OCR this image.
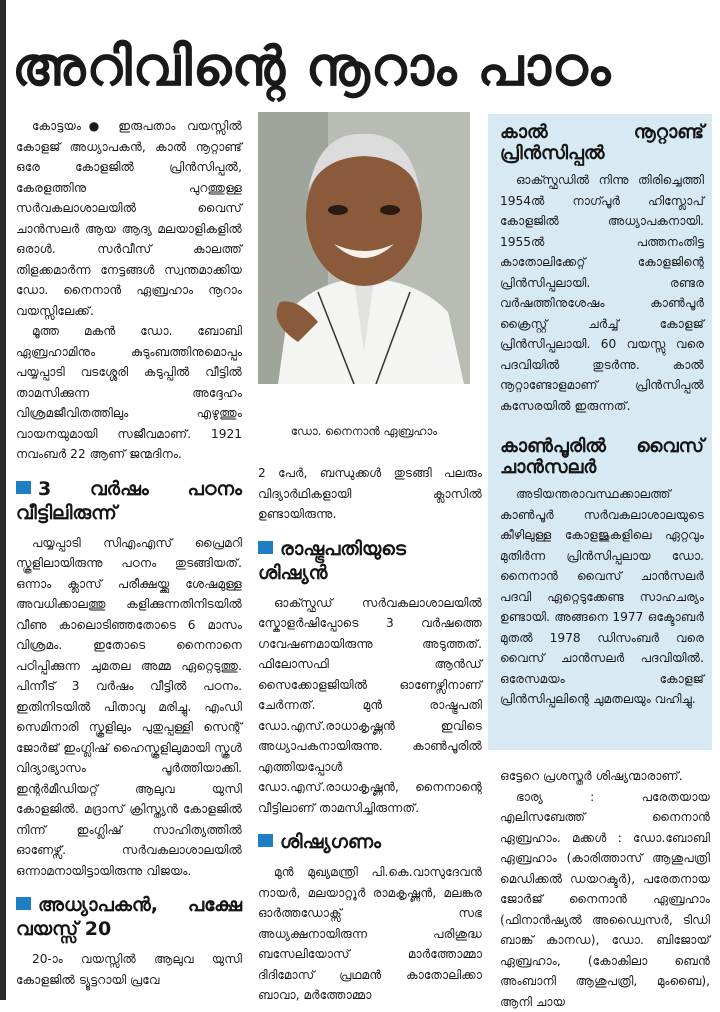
അറിവിന്റെ നൂറാം പാഠം

കോട്ടയം● ഇരുപതാം വയസ്സിൽ കോളജ് അധ്യാപകൻ, കാൽ നൂറ്റാണ്ട് ഒരേ കോളജിൽ പ്രിൻസിപ്പൽ, കേരളത്തിനു പുറത്തുള്ള സർവകലാശാലയിൽ വൈസ് ചാൻസലർ ആയ ആദ്യ മലയാളികളിൽ ഒരാൾ. സർവീസ് കാലത്ത് തിളക്കമാർന്ന നേട്ടങ്ങൾ സ്വന്തമാക്കിയ ഡോ. നൈനാൻ ഏബ്രഹാം നൂറാം വയസ്സിലേക്ക്.

മൂത്ത മകൻ ഡോ. ബോബി ഏബ്രഹാമിനും കുടുംബത്തിനുമൊപ്പം പയ്യപ്പാടി വടശ്ശേരി കടുപ്പിൽ വീട്ടിൽ താമസിക്കുന്ന അദ്ദേഹം വിശ്രമജീവിതത്തിലും എഴുത്തും വായനയുമായി സജീവമാണ്. 1921 നവംബർ 22 ആണ് ജന്മദിനം.

3 വർഷം പഠനം വീട്ടിലിരുന്ന്

പയ്യപ്പാടി സിഎംഎസ് പ്രൈമറി സ്കൂളിലായിരുന്നു പഠനം തുടങ്ങിയത്. ഒന്നാം ക്ലാസ് പരീക്ഷയ്ക്കു ശേഷമുള്ള അവധിക്കാലത്തു കളിക്കുന്നതിനിടയിൽ വീണു കാലൊടിഞ്ഞതോടെ 6 മാസം വിശ്രമം. ഇതോടെ നൈനാനെ പഠിപ്പിക്കുന്ന ചുമതല അമ്മ ഏറ്റെടുത്തു. പിന്നീട് 3 വർഷം വീട്ടിൽ പഠനം. ഇതിനിടയിൽ പിതാവു മരിച്ചു. എംഡി സെമിനാരി സ്കൂളിലും പുതുപ്പള്ളി സെന്റ് ജോർജ് ഇംഗ്ലിഷ് ഹൈസ്കൂളിലുമായി സ്കൂൾ വിദ്യാഭ്യാസം പൂർത്തിയാക്കി. ഇന്റർമീഡിയറ്റ് ആലുവ യുസി കോളജിൽ. മദ്രാസ് ക്രിസ്ത്യൻ കോളജിൽ നിന്ന് ഇംഗ്ലിഷ് സാഹിത്യത്തിൽ ഓണേഴ്സ്. സർവകലാശാലയിൽ ഒന്നാമനായിട്ടായിരുന്നു വിജയം.

അധ്യാപകൻ, പക്ഷേ വയസ്സ് 20

20-ാം വയസ്സിൽ ആലുവ യുസി കോളജിൽ ട്യൂട്ടറായി പ്രവേ

ഡോ. നൈനാൻ ഏബ്രഹാം

2 പേർ, ബന്ധുക്കൾ തുടങ്ങി പലരും വിദ്യാർഥികളായി ക്ലാസിൽ ഉണ്ടായിരുന്നു.

രാഷ്ട്രപതിയുടെ ശിഷ്യൻ

ഓക്സ്ഫഡ് സർവകലാശാലയിൽ സ്കോളർഷിപ്പോടെ 3 വർഷത്തെ ഗവേഷണമായിരുന്നു അടുത്തത്. ഫിലോസഫി ആൻഡ് സൈക്കോളജിയിൽ ഓണേഴ്സിനാണ് ചേർന്നത്. മുൻ രാഷ്ട്രപതി ഡോ.എസ്.രാധാകൃഷ്ണൻ ഇവിടെ അധ്യാപകനായിരുന്നു. കാൺപൂരിൽ എത്തിയപ്പോൾ ഡോ.എസ്.രാധാകൃഷ്ണൻ, നൈനാന്റെ വീട്ടിലാണ് താമസിച്ചിരുന്നത്.

ശിഷ്യഗണം

മുൻ മുഖ്യമന്ത്രി പി.കെ.വാസുദേവൻ നായർ, മലയാറ്റൂർ രാമകൃഷ്ണൻ, മലങ്കര ഓർത്തഡോക്സ് സഭ അധ്യക്ഷനായിരുന്ന പരിശുദ്ധ ബസേലിയോസ് മാർത്തോമ്മാ ദിദിമോസ് പ്രഥമൻ കാതോലിക്കാ ബാവാ, മർത്തോമ്മാ

കാൽ നൂറ്റാണ്ട് പ്രിൻസിപ്പൽ

ഓക്സ്ഫഡിൽ നിന്നു തിരിച്ചെത്തി 1954ൽ നാഗ്പൂർ ഹിസ്ലോപ് കോളജിൽ അധ്യാപകനായി. 1955ൽ പത്തനംതിട്ട കാതോലിക്കേറ്റ് കോളജിന്റെ പ്രിൻസിപ്പലായി. രണ്ടര വർഷത്തിനുശേഷം കാൺപൂർ ക്രൈസ്റ്റ് ചർച്ച് കോളജ് പ്രിൻസിപ്പലായി. 60 വയസ്സു വരെ പദവിയിൽ തുടർന്നു. കാൽ നൂറ്റാണ്ടോളമാണ് പ്രിൻസിപ്പൽ കസേരയിൽ ഇരുന്നത്.

കാൺപൂരിൽ വൈസ് ചാൻസലർ

അടിയന്തരാവസ്ഥക്കാലത്ത് കാൺപൂർ സർവകലാശാലയുടെ കീഴിലുള്ള കോളജുകളിലെ ഏറ്റവും മുതിർന്ന പ്രിൻസിപ്പലായ ഡോ. നൈനാൻ വൈസ് ചാൻസലർ പദവി ഏറ്റെടുക്കേണ്ട സാഹചര്യം ഉണ്ടായി. അങ്ങനെ 1977 ഒക്ടോബർ മുതൽ 1978 ഡിസംബർ വരെ വൈസ് ചാൻസലർ പദവിയിൽ. ഒരേസമയം കോളജ് പ്രിൻസിപ്പലിന്റെ ചുമതലയും വഹിച്ചു.

ഒട്ടേറെ പ്രശസ്തർ ശിഷ്യന്മാരാണ്.

ഭാര്യ : പരേതയായ എലിസബേത്ത് നൈനാൻ ഏബ്രഹാം. മക്കൾ : ഡോ.ബോബി ഏബ്രഹാം (കാരിത്താസ് ആശുപത്രി മെഡിക്കൽ ഡയറക്ടർ), പരേതനായ ജോർജ് നൈനാൻ ഏബ്രഹാം (ഫിനാൻഷ്യൽ അഡ്വൈസർ, ടിഡി ബാങ്ക് കാനഡ), ഡോ. ബിജോയ് ഏബ്രഹാം, (കോകിലാ ബെൻ അംബാനി ആശുപത്രി, മുംബൈ), ആനി ചായ
